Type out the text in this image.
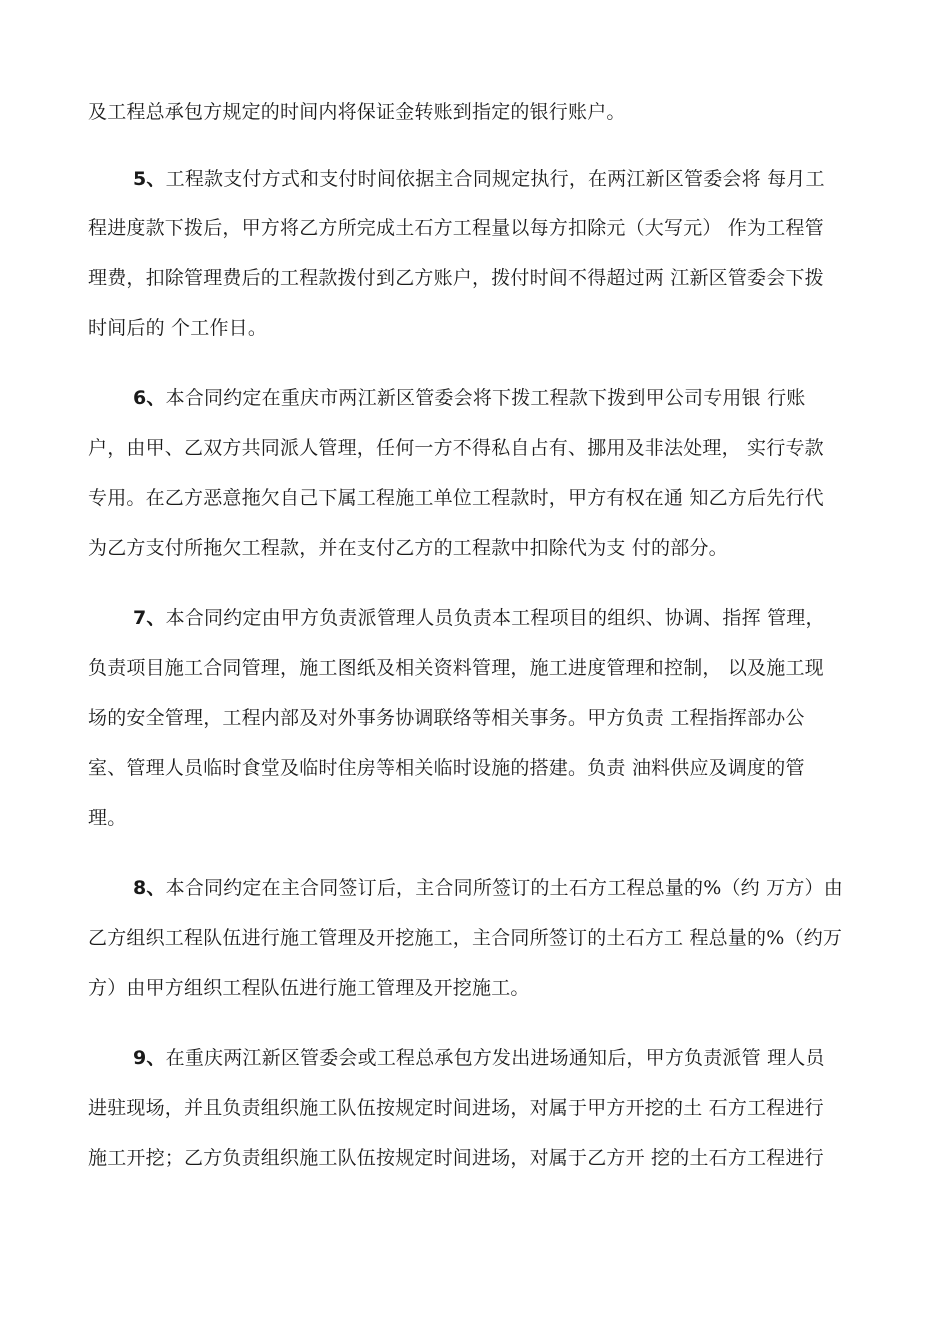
及工程总承包方规定的时间内将保证金转账到指定的银行账户。
5、工程款支付方式和支付时间依据主合同规定执行，在两江新区管委会将 每月工
程进度款下拨后，甲方将乙方所完成土石方工程量以每方扣除元（大写元） 作为工程管
理费，扣除管理费后的工程款拨付到乙方账户，拨付时间不得超过两 江新区管委会下拨
时间后的 个工作日。
6、本合同约定在重庆市两江新区管委会将下拨工程款下拨到甲公司专用银 行账
户，由甲、乙双方共同派人管理，任何一方不得私自占有、挪用及非法处理， 实行专款
专用。在乙方恶意拖欠自己下属工程施工单位工程款时，甲方有权在通 知乙方后先行代
为乙方支付所拖欠工程款，并在支付乙方的工程款中扣除代为支 付的部分。
7、本合同约定由甲方负责派管理人员负责本工程项目的组织、协调、指挥 管理，
负责项目施工合同管理，施工图纸及相关资料管理，施工进度管理和控制， 以及施工现
场的安全管理，工程内部及对外事务协调联络等相关事务。甲方负责 工程指挥部办公
室、管理人员临时食堂及临时住房等相关临时设施的搭建。负责 油料供应及调度的管
理。
8、本合同约定在主合同签订后，主合同所签订的土石方工程总量的%（约 万方）由
乙方组织工程队伍进行施工管理及开挖施工，主合同所签订的土石方工 程总量的%（约万
方）由甲方组织工程队伍进行施工管理及开挖施工。
9、在重庆两江新区管委会或工程总承包方发出进场通知后，甲方负责派管 理人员
进驻现场，并且负责组织施工队伍按规定时间进场，对属于甲方开挖的土 石方工程进行
施工开挖；乙方负责组织施工队伍按规定时间进场，对属于乙方开 挖的土石方工程进行
